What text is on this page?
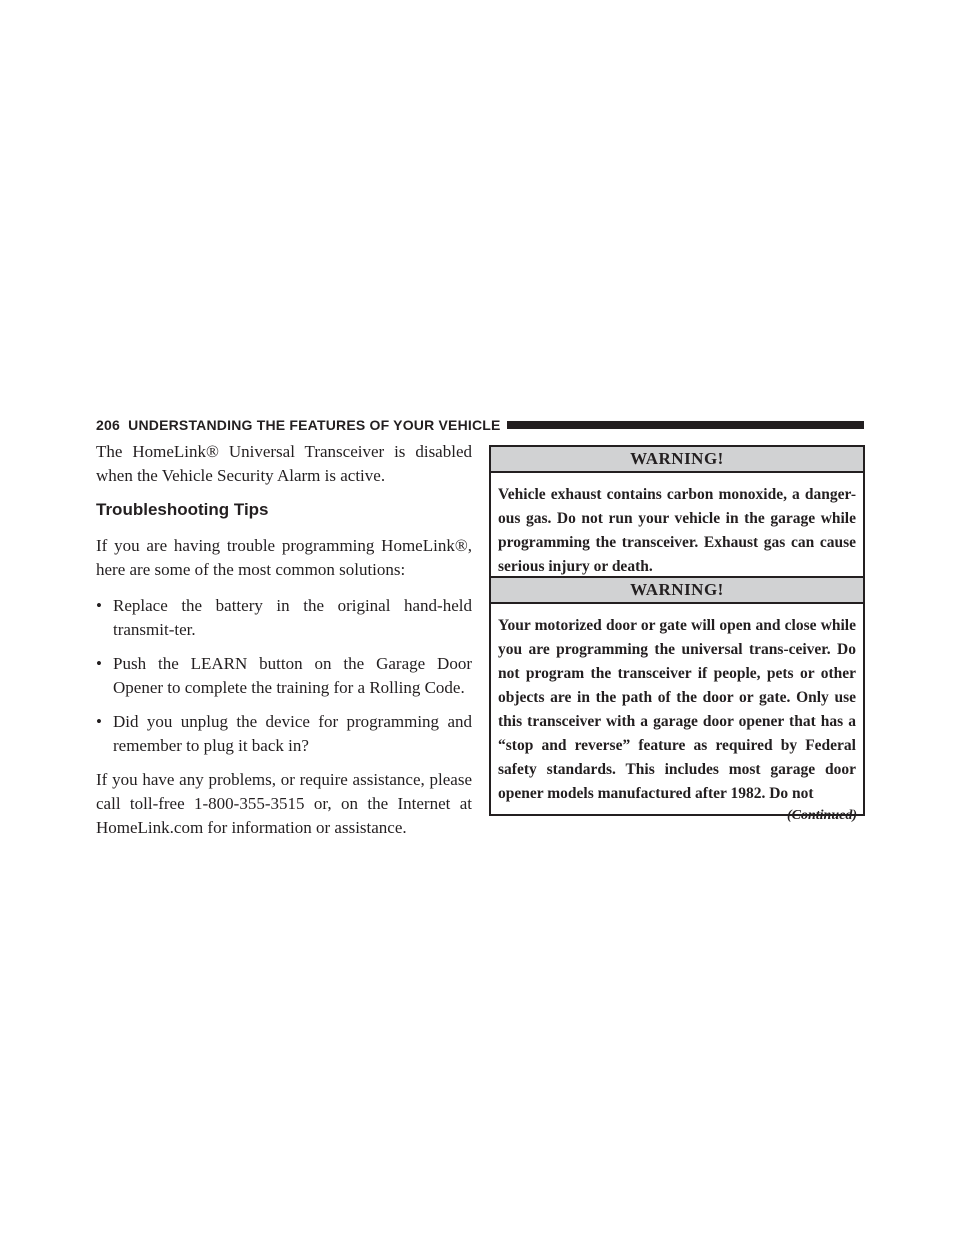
206 UNDERSTANDING THE FEATURES OF YOUR VEHICLE

The HomeLink® Universal Transceiver is disabled when the Vehicle Security Alarm is active.

Troubleshooting Tips

If you are having trouble programming HomeLink®, here are some of the most common solutions:

• Replace the battery in the original hand-held transmit-ter.
• Push the LEARN button on the Garage Door Opener to complete the training for a Rolling Code.
• Did you unplug the device for programming and remember to plug it back in?

If you have any problems, or require assistance, please call toll-free 1-800-355-3515 or, on the Internet at HomeLink.com for information or assistance.

WARNING!
Vehicle exhaust contains carbon monoxide, a danger-ous gas. Do not run your vehicle in the garage while programming the transceiver. Exhaust gas can cause serious injury or death.
WARNING!
Your motorized door or gate will open and close while you are programming the universal trans-ceiver. Do not program the transceiver if people, pets or other objects are in the path of the door or gate. Only use this transceiver with a garage door opener that has a “stop and reverse” feature as required by Federal safety standards. This includes most garage door opener models manufactured after 1982. Do not
(Continued)
